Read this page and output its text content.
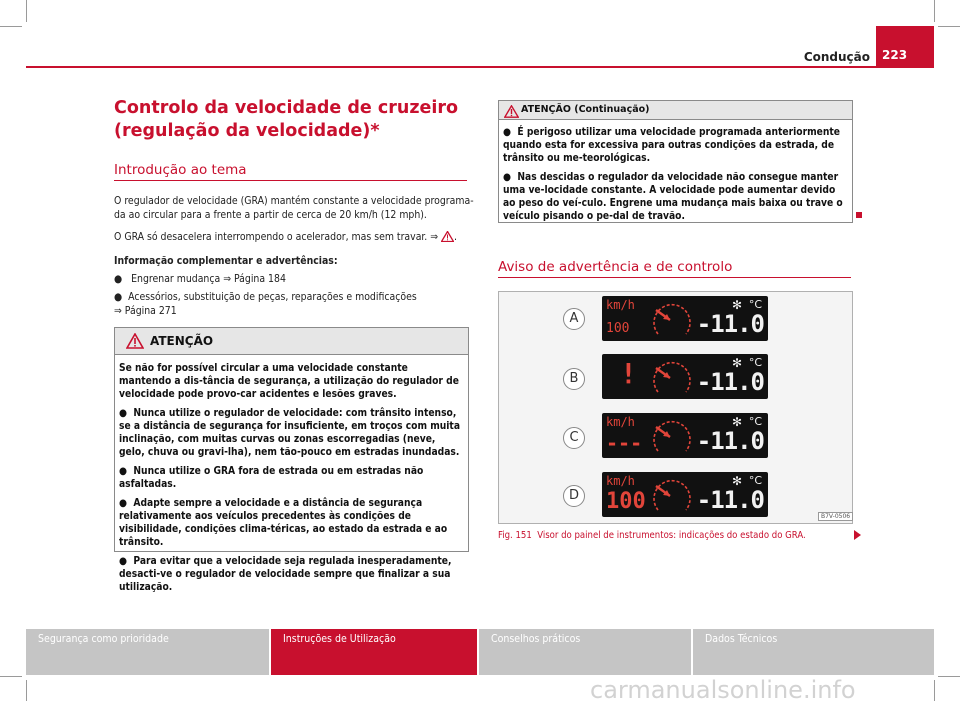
Condução 223
Controlo da velocidade de cruzeiro
(regulação da velocidade)*
Introdução ao tema
O regulador de velocidade (GRA) mantém constante a velocidade programa-
da ao circular para a frente a partir de cerca de 20 km/h (12 mph).
O GRA só desacelera interrompendo o acelerador, mas sem travar. ⇒ .
Informação complementar e advertências:
● Engrenar mudança ⇒ Página 184
● Acessórios, substituição de peças, reparações e modificações
⇒ Página 271
ATENÇÃO

Se não for possível circular a uma velocidade constante mantendo a dis-tância de segurança, a utilização do regulador de velocidade pode provo-car acidentes e lesões graves.

●  Nunca utilize o regulador de velocidade: com trânsito intenso, se a distância de segurança for insuficiente, em troços com muita inclinação, com muitas curvas ou zonas escorregadias (neve, gelo, chuva ou gravi-lha), nem tão-pouco em estradas inundadas.

●  Nunca utilize o GRA fora de estrada ou em estradas não asfaltadas.

●  Adapte sempre a velocidade e a distância de segurança relativamente aos veículos precedentes às condições de visibilidade, condições clima-téricas, ao estado da estrada e ao trânsito.

●  Para evitar que a velocidade seja regulada inesperadamente, desacti-ve o regulador de velocidade sempre que finalizar a sua utilização.

ATENÇÃO (Continuação)

●  É perigoso utilizar uma velocidade programada anteriormente quando esta for excessiva para outras condições da estrada, de trânsito ou me-teorológicas.

●  Nas descidas o regulador da velocidade não consegue manter uma ve-locidade constante. A velocidade pode aumentar devido ao peso do veí-culo. Engrene uma mudança mais baixa ou trave o veículo pisando o pe-dal de travão.

Aviso de advertência e de controlo
A
km/h
100
✻ °C
-11.0
B !	✻ °C
-11.0
C
km/h
---
✻ °C
-11.0
D
km/h
100
✻ °C
-11.0
B7V-0506
Fig. 151 Visor do painel de instrumentos: indicações do estado do GRA.
Segurança como prioridade	Instruções de Utilização	Conselhos práticos	Dados Técnicos
carmanualsonline.info
